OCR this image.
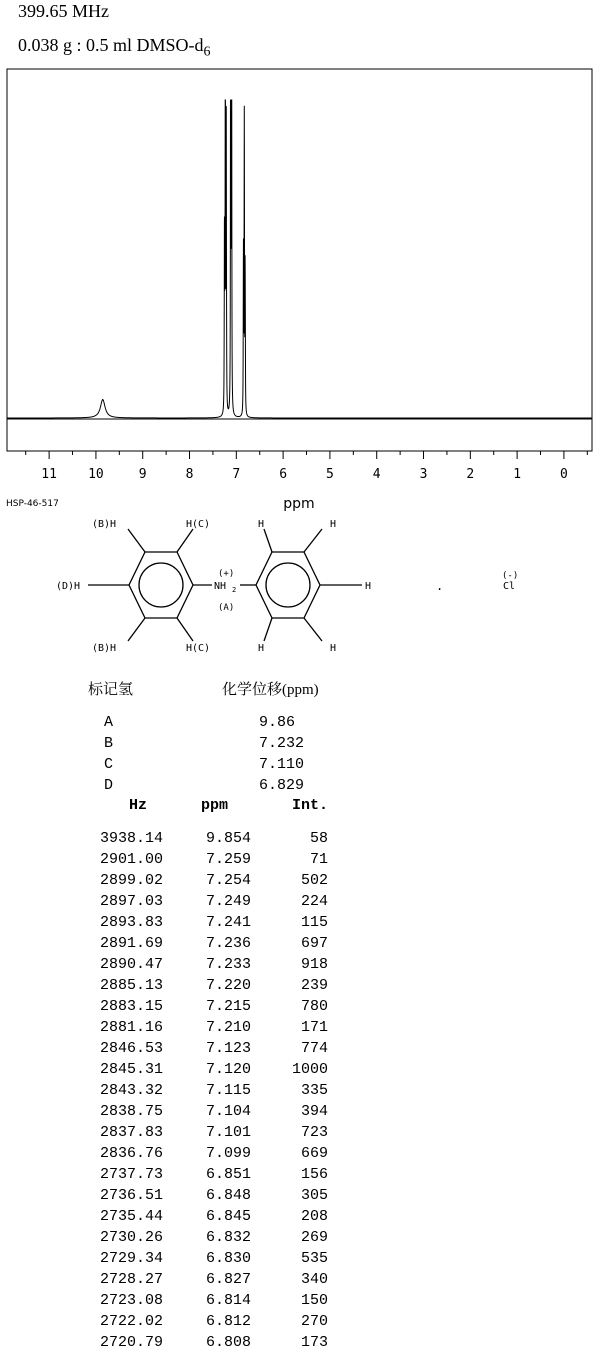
399.65 MHz
0.038 g : 0.5 ml DMSO-$d_6$
11 10	9	8	7	6	5	4	3	2	1	0
ppm
HSP-46-517
(B)H	H(C)
(D)H
(B)H	H(C)
(+)
NH 2
(A)
H	H
H
H	H
.
(-)
Cl
标记氢	化学位移(ppm)
A	9.86
B	7.232
C	7.110
D	6.829
Hz	ppm	Int.
3938.14	9.854	58
2901.00	7.259	71
2899.02	7.254	502
2897.03	7.249	224
2893.83	7.241	115
2891.69	7.236	697
2890.47	7.233	918
2885.13	7.220	239
2883.15	7.215	780
2881.16	7.210	171
2846.53	7.123	774
2845.31	7.120	1000
2843.32	7.115	335
2838.75	7.104	394
2837.83	7.101	723
2836.76	7.099	669
2737.73	6.851	156
2736.51	6.848	305
2735.44	6.845	208
2730.26	6.832	269
2729.34	6.830	535
2728.27	6.827	340
2723.08	6.814	150
2722.02	6.812	270
2720.79	6.808	173
